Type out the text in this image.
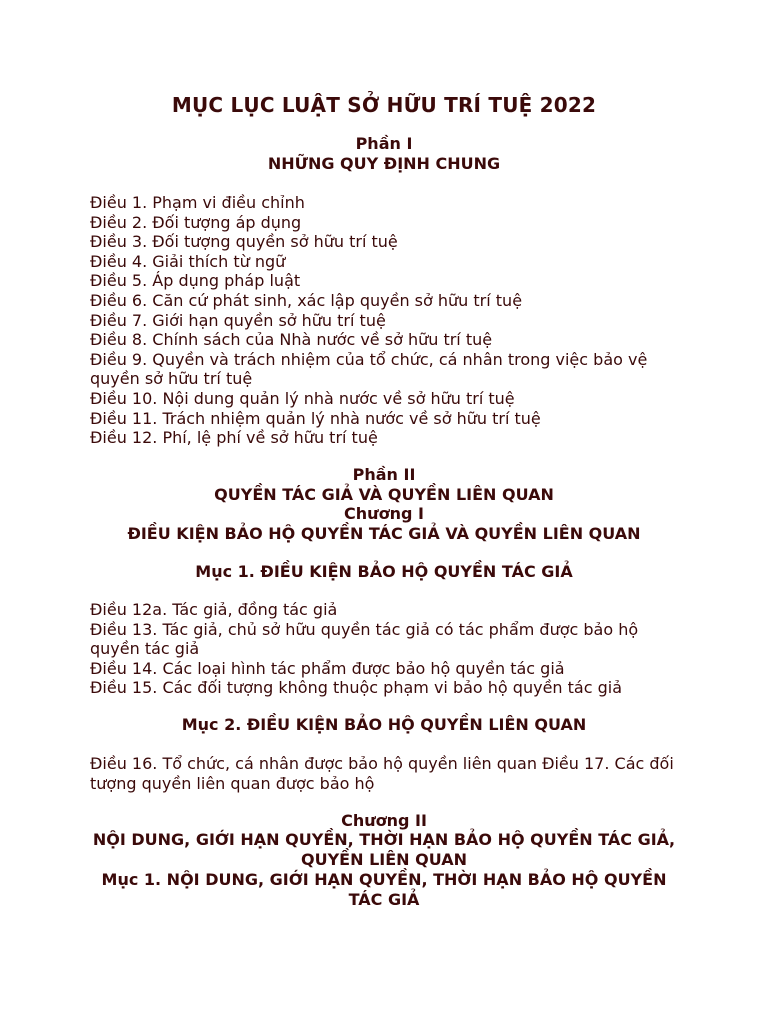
MỤC LỤC LUẬT SỞ HỮU TRÍ TUỆ 2022
Phần I
NHỮNG QUY ĐỊNH CHUNG
Điều 1. Phạm vi điều chỉnh
Điều 2. Đối tượng áp dụng
Điều 3. Đối tượng quyền sở hữu trí tuệ
Điều 4. Giải thích từ ngữ
Điều 5. Áp dụng pháp luật
Điều 6. Căn cứ phát sinh, xác lập quyền sở hữu trí tuệ
Điều 7. Giới hạn quyền sở hữu trí tuệ
Điều 8. Chính sách của Nhà nước về sở hữu trí tuệ
Điều 9. Quyền và trách nhiệm của tổ chức, cá nhân trong việc bảo vệ quyền sở hữu trí tuệ
Điều 10. Nội dung quản lý nhà nước về sở hữu trí tuệ
Điều 11. Trách nhiệm quản lý nhà nước về sở hữu trí tuệ
Điều 12. Phí, lệ phí về sở hữu trí tuệ
Phần II
QUYỀN TÁC GIẢ VÀ QUYỀN LIÊN QUAN
Chương I
ĐIỀU KIỆN BẢO HỘ QUYỀN TÁC GIẢ VÀ QUYỀN LIÊN QUAN
Mục 1. ĐIỀU KIỆN BẢO HỘ QUYỀN TÁC GIẢ
Điều 12a. Tác giả, đồng tác giả
Điều 13. Tác giả, chủ sở hữu quyền tác giả có tác phẩm được bảo hộ quyền tác giả
Điều 14. Các loại hình tác phẩm được bảo hộ quyền tác giả
Điều 15. Các đối tượng không thuộc phạm vi bảo hộ quyền tác giả
Mục 2. ĐIỀU KIỆN BẢO HỘ QUYỀN LIÊN QUAN

Điều 16. Tổ chức, cá nhân được bảo hộ quyền liên quan Điều 17. Các đối tượng quyền liên quan được bảo hộ

Chương II
NỘI DUNG, GIỚI HẠN QUYỀN, THỜI HẠN BẢO HỘ QUYỀN TÁC GIẢ, QUYỀN LIÊN QUAN
Mục 1. NỘI DUNG, GIỚI HẠN QUYỀN, THỜI HẠN BẢO HỘ QUYỀN TÁC GIẢ
